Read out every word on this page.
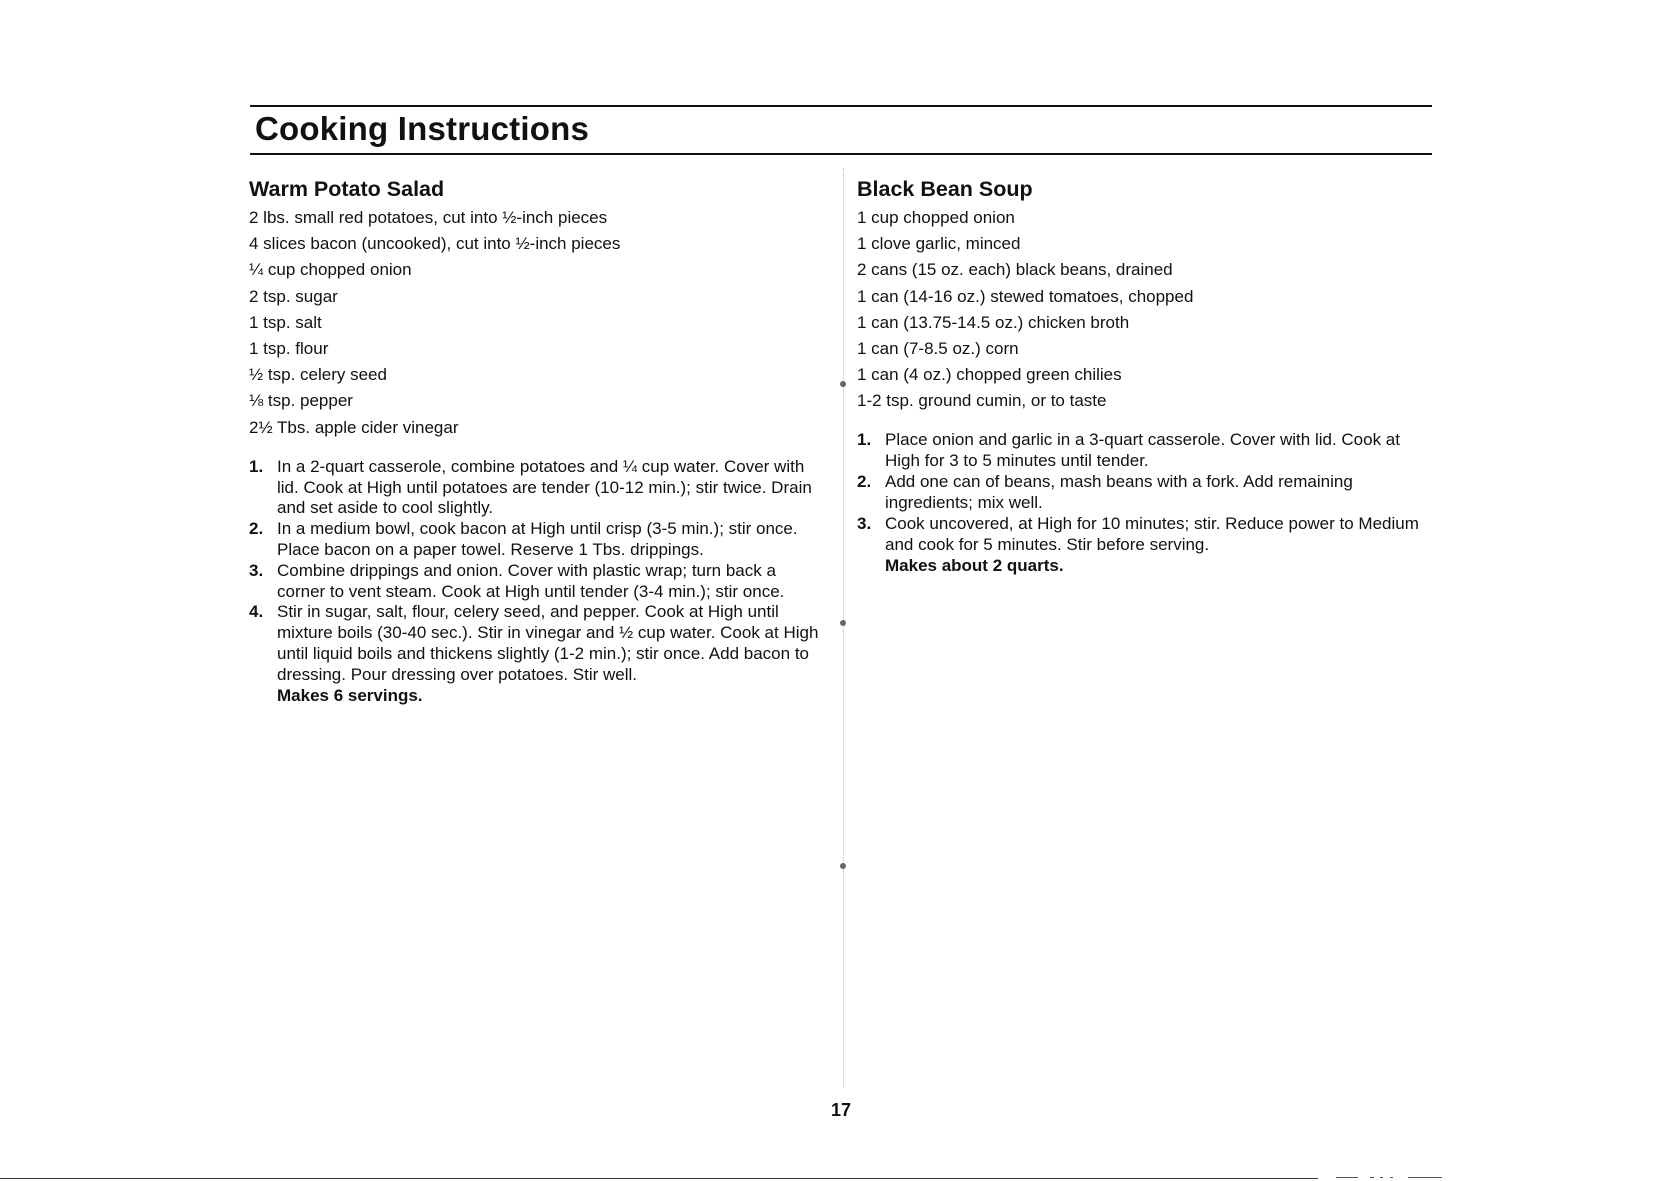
Cooking Instructions
Warm Potato Salad
2 lbs. small red potatoes, cut into ½-inch pieces
4 slices bacon (uncooked), cut into ½-inch pieces
¼ cup chopped onion
2 tsp. sugar
1 tsp. salt
1 tsp. flour
½ tsp. celery seed
⅛ tsp. pepper
2½ Tbs. apple cider vinegar
1. In a 2-quart casserole, combine potatoes and ¼ cup water. Cover with lid. Cook at High until potatoes are tender (10-12 min.); stir twice. Drain and set aside to cool slightly.
2. In a medium bowl, cook bacon at High until crisp (3-5 min.); stir once. Place bacon on a paper towel. Reserve 1 Tbs. drippings.
3. Combine drippings and onion. Cover with plastic wrap; turn back a corner to vent steam. Cook at High until tender (3-4 min.); stir once.
4. Stir in sugar, salt, flour, celery seed, and pepper. Cook at High until mixture boils (30-40 sec.). Stir in vinegar and ½ cup water. Cook at High until liquid boils and thickens slightly (1-2 min.); stir once. Add bacon to dressing. Pour dressing over potatoes. Stir well.
Makes 6 servings.
Black Bean Soup
1 cup chopped onion
1 clove garlic, minced
2 cans (15 oz. each) black beans, drained
1 can (14-16 oz.) stewed tomatoes, chopped
1 can (13.75-14.5 oz.) chicken broth
1 can (7-8.5 oz.) corn
1 can (4 oz.) chopped green chilies
1-2 tsp. ground cumin, or to taste
1. Place onion and garlic in a 3-quart casserole. Cover with lid. Cook at High for 3 to 5 minutes until tender.
2. Add one can of beans, mash beans with a fork. Add remaining ingredients; mix well.
3. Cook uncovered, at High for 10 minutes; stir. Reduce power to Medium and cook for 5 minutes. Stir before serving.
Makes about 2 quarts.
17
